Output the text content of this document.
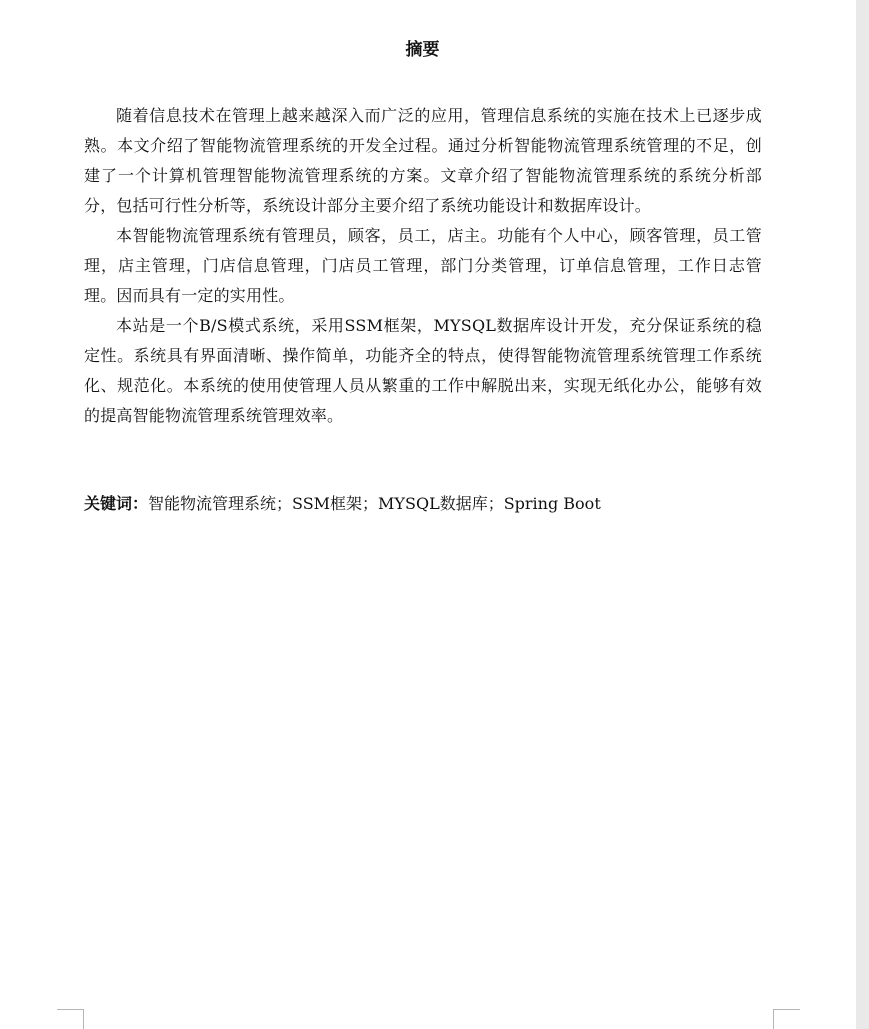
摘要

随着信息技术在管理上越来越深入而广泛的应用，管理信息系统的实施在技术上已逐步成熟。本文介绍了智能物流管理系统的开发全过程。通过分析智能物流管理系统管理的不足，创建了一个计算机管理智能物流管理系统的方案。文章介绍了智能物流管理系统的系统分析部分，包括可行性分析等，系统设计部分主要介绍了系统功能设计和数据库设计。

本智能物流管理系统有管理员，顾客，员工，店主。功能有个人中心，顾客管理，员工管理，店主管理，门店信息管理，门店员工管理，部门分类管理，订单信息管理，工作日志管理。因而具有一定的实用性。

本站是一个B/S模式系统，采用SSM框架，MYSQL数据库设计开发，充分保证系统的稳定性。系统具有界面清晰、操作简单，功能齐全的特点，使得智能物流管理系统管理工作系统化、规范化。本系统的使用使管理人员从繁重的工作中解脱出来，实现无纸化办公，能够有效的提高智能物流管理系统管理效率。

关键词：智能物流管理系统；SSM框架；MYSQL数据库；Spring Boot
